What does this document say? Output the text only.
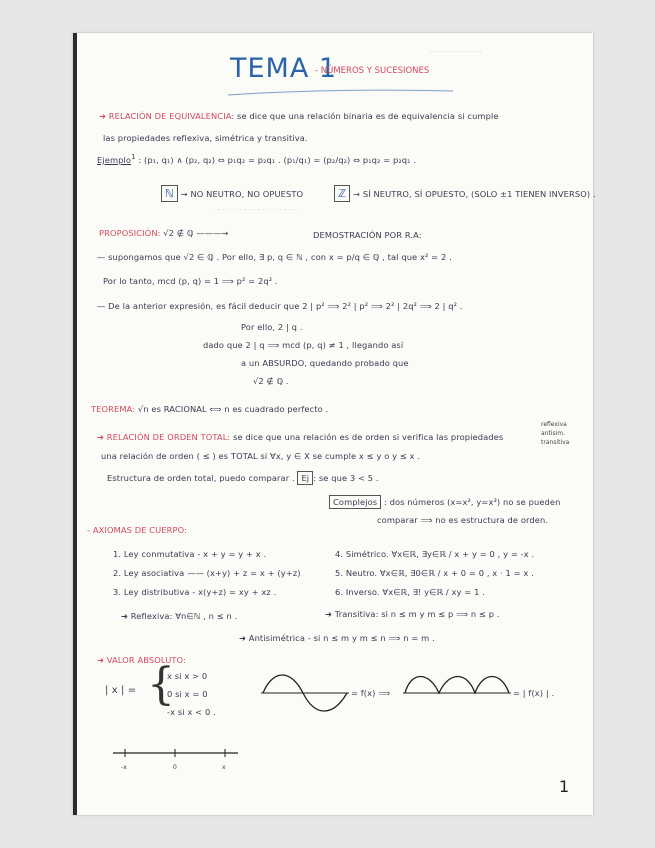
· · · · · · · · · · · · · ·
TEMA 1
- NÚMEROS Y SUCESIONES
➜ RELACIÓN DE EQUIVALENCIA: se dice que una relación binaria es de equivalencia si cumple
las propiedades reflexiva, simétrica y transitiva.
Ejemplo$^1$ : (p₁, q₁) ∧ (p₂, q₂) ⇔ p₁q₂ = p₂q₁ . (p₁/q₁) = (p₂/q₂) ⇔ p₁q₂ = p₂q₁ .
ℕ → NO NEUTRO, NO OPUESTO	ℤ → SÍ NEUTRO, SÍ OPUESTO, (SOLO ±1 TIENEN INVERSO) .
· · · · · · · · · · · · · · · · · · · ·
PROPOSICIÓN: √2 ∉ ℚ ———→	DEMOSTRACIÓN POR R.A:
— supongamos que √2 ∈ ℚ . Por ello, ∃ p, q ∈ ℕ , con x = p/q ∈ ℚ , tal que x² = 2 .
Por lo tanto, mcd (p, q) = 1 ⟹ p² = 2q² .
— De la anterior expresión, es fácil deducir que 2 | p² ⟹ 2² | p² ⟹ 2² | 2q² ⟹ 2 | q² .
Por ello, 2 | q .
dado que 2 | q ⟹ mcd (p, q) ≠ 1 , llegando así
a un ABSURDO, quedando probado que
√2 ∉ ℚ .
TEOREMA: √n es RACIONAL ⟺ n es cuadrado perfecto .
➜ RELACIÓN DE ORDEN TOTAL: se dice que una relación es de orden si verifica las propiedades
reflexiva
antisim.
transitiva
una relación de orden ( ≤ ) es TOTAL si ∀x, y ∈ X se cumple x ≤ y o y ≤ x .
Estructura de orden total, puedo comparar . Ej : se que 3 < 5 .
Complejos : dos números (x=x², y=x³) no se pueden
comparar ⟹ no es estructura de orden.
- AXIOMAS DE CUERPO:
1. Ley conmutativa - x + y = y + x .
2. Ley asociativa —— (x+y) + z = x + (y+z)
3. Ley distributiva - x(y+z) = xy + xz .
4. Simétrico. ∀x∈ℝ, ∃y∈ℝ / x + y = 0 , y = -x .
5. Neutro. ∀x∈ℝ, ∃0∈ℝ / x + 0 = 0 , x · 1 = x .
6. Inverso. ∀x∈ℝ, ∃! y∈ℝ / xy = 1 .
➜ Reflexiva: ∀n∈ℕ , n ≤ n .	➜ Transitiva: si n ≤ m y m ≤ p ⟹ n ≤ p .
➜ Antisimétrica - si n ≤ m y m ≤ n ⟹ n = m .
➜ VALOR ABSOLUTO:
| x | = {
x si x > 0
0 si x = 0
-x si x < 0 .
= f(x) ⟹	= | f(x) | .
-x	0	x
1
